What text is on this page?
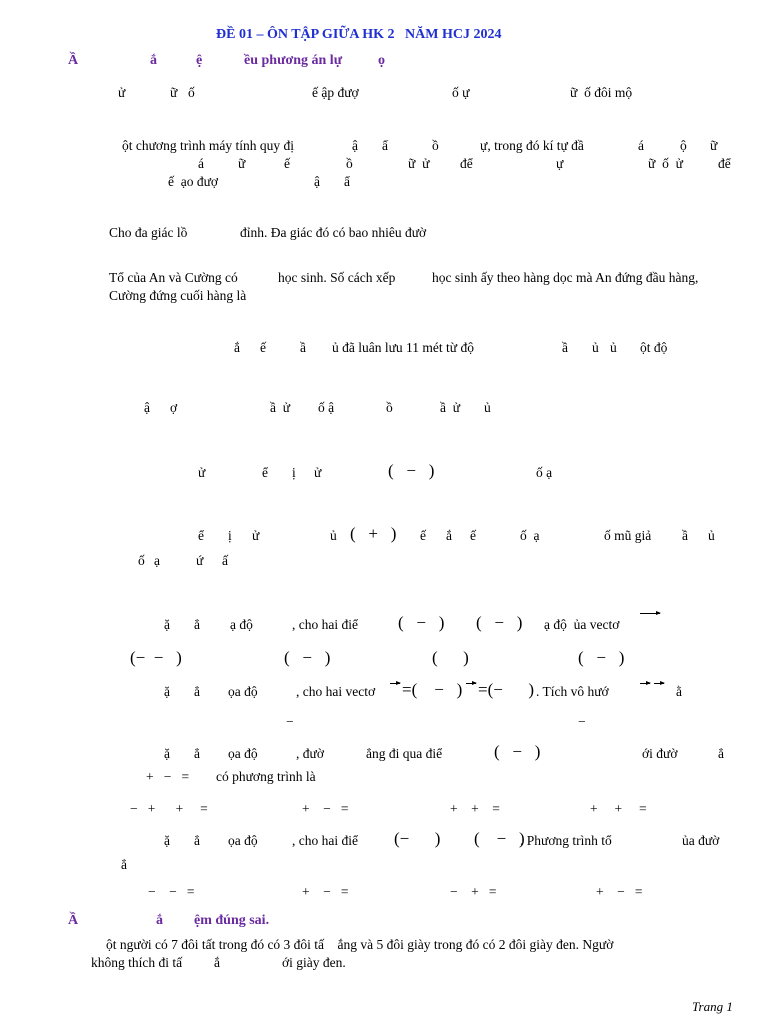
ĐỀ 01 – ÔN TẬP GIỮA HK 2   NĂM HCJ 2024
Ầ	ắ	ệ	ều phương án lự	ọ
ử	ữ ố	ế ập đượ	ố ự	ữ  ố đôi mộ
ột chương trình máy tính quy đị	ậ ẩ	ồ	ự, trong đó kí tự đầ	á	ộ ữ
á	ữ	ế	ồ	ữ  ử để	ự	ữ  ố  ử	để
ế  ạo đượ	ậ ẩ
Cho đa giác lồ	đỉnh. Đa giác đó có bao nhiêu đườ
Tổ của An và Cường có	học sinh. Số cách xếp	học sinh ấy theo hàng dọc mà An đứng đầu hàng,
Cường đứng cuối hàng là
ắ ế	ầ ủ đã luân lưu 11 mét từ độ	ầ ủ ủ ột độ
ậ ợ	ầ  ử ố ậ	ồ	ầ  ử ủ
ử	ể ị ử	(   −   )	ố ạ
ể ị ử	ủ (   +   ) ế ắ ế	ố  ạ	ố mũ giả ầ ủ
ố ạ	ứ ấ
ặ ẳ ạ độ	, cho hai điể (   −   ) (   −   ) ạ độ  ủa vectơ
(−  −   )	(   −   )	(      )	(   −   )
ặ ẳ ọa độ	, cho hai vectơ =(    −   ) =(−      ) . Tích vô hướ	ằ
−	−
ặ ẳ ọa độ	, đườ	ẳng đi qua điể	(   −   )	ới đườ	ẳ
+   −   = có phương trình là
−   +      +     =	+    −   =	+    +    =	+     +     =
ặ ẳ ọa độ	, cho hai điể (−      ) (    −   )
. Phương trình tổ	ủa đườ
ẳ
−    −   =	+    −   =	−    +   =	+    −   =
Ầ	ắ ệm đúng sai.
ột người có 7 đôi tất trong đó có 3 đôi tấ    ắng và 5 đôi giày trong đó có 2 đôi giày đen. Ngườ
không thích đi tấ ắ	ới giày đen.
Trang 1
